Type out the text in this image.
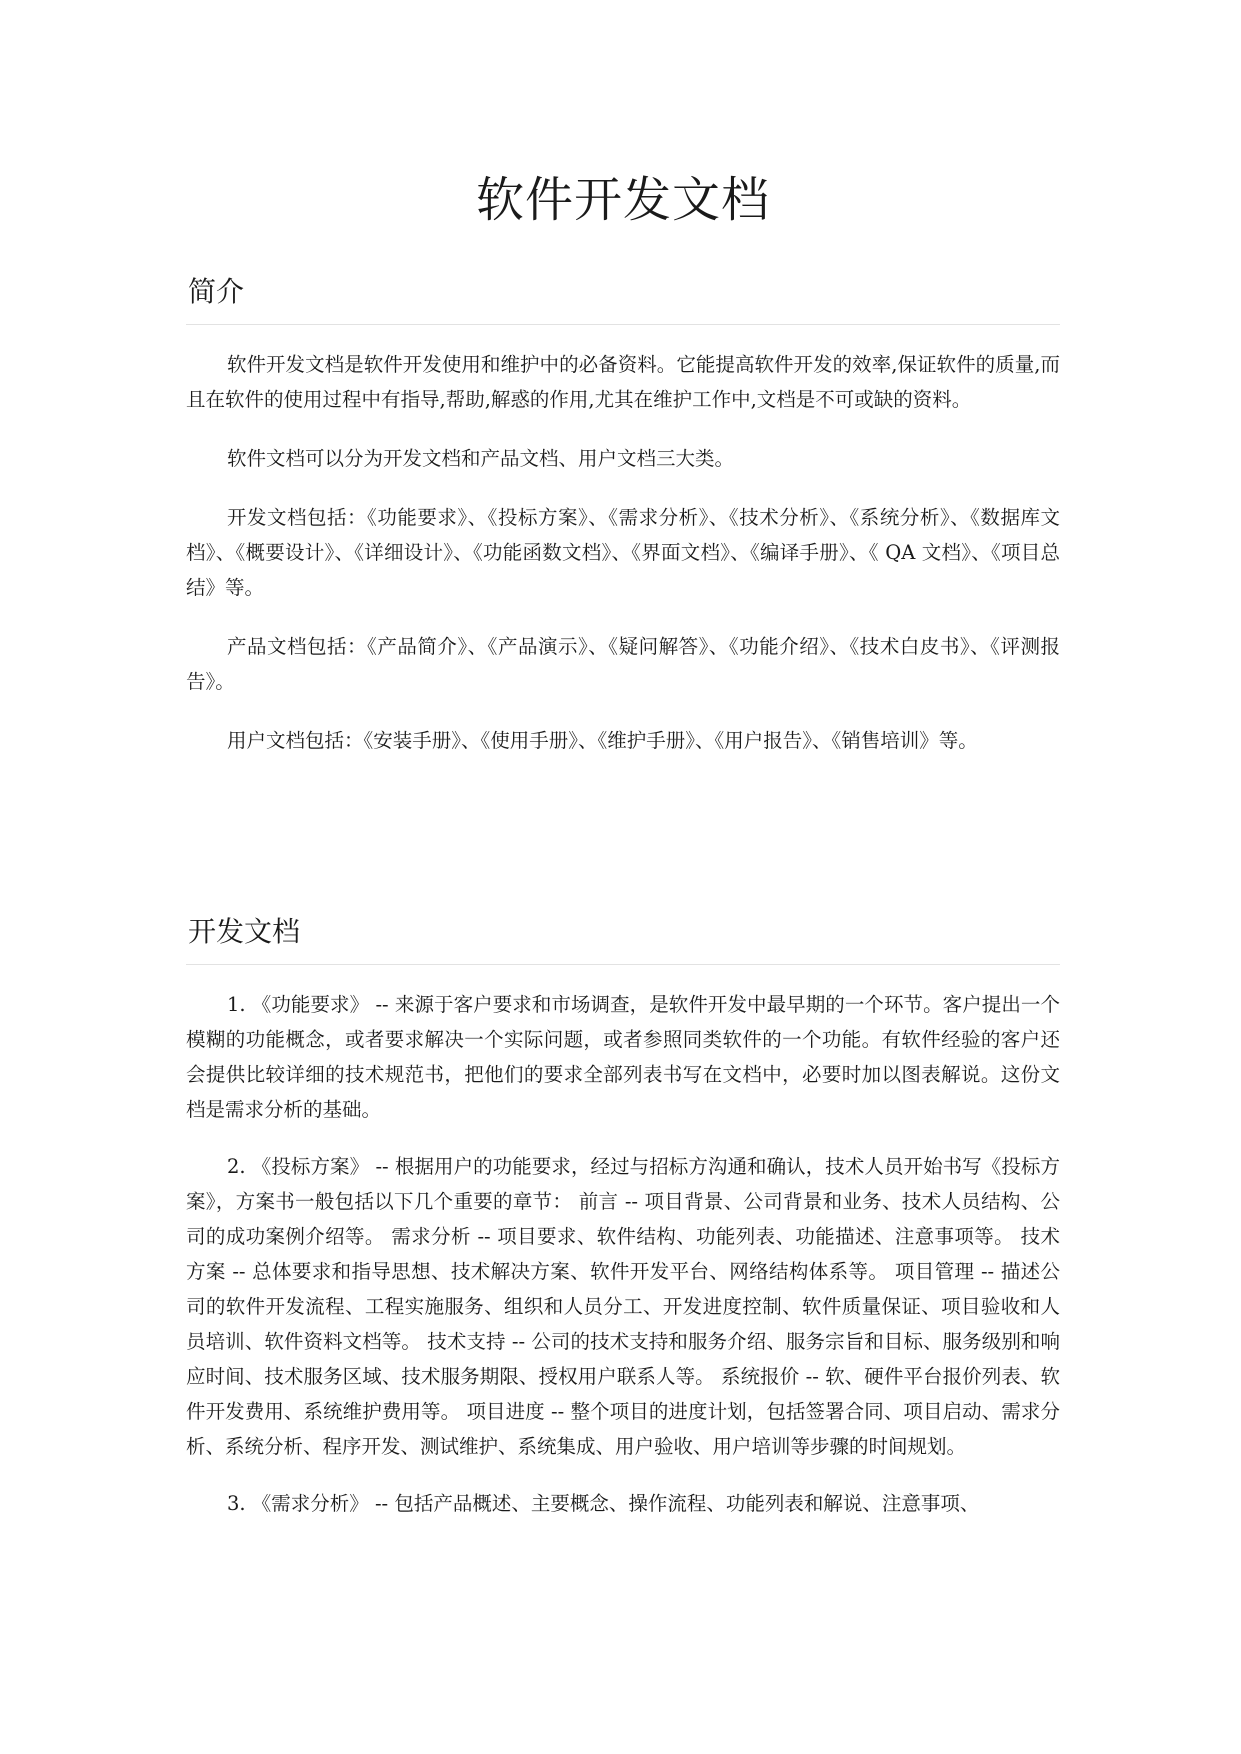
软件开发文档
简介

软件开发文档是软件开发使用和维护中的必备资料。它能提高软件开发的效率,保证软件的质量,而且在软件的使用过程中有指导,帮助,解惑的作用,尤其在维护工作中,文档是不可或缺的资料。

软件文档可以分为开发文档和产品文档、用户文档三大类。

开发文档包括：《功能要求》、《投标方案》、《需求分析》、《技术分析》、《系统分析》、《数据库文档》、《概要设计》、《详细设计》、《功能函数文档》、《界面文档》、《编译手册》、《 QA 文档》、《项目总结》等。

产品文档包括：《产品简介》、《产品演示》、《疑问解答》、《功能介绍》、《技术白皮书》、《评测报告》。

用户文档包括：《安装手册》、《使用手册》、《维护手册》、《用户报告》、《销售培训》等。

开发文档

1. 《功能要求》 -- 来源于客户要求和市场调查，是软件开发中最早期的一个环节。客户提出一个模糊的功能概念，或者要求解决一个实际问题，或者参照同类软件的一个功能。有软件经验的客户还会提供比较详细的技术规范书，把他们的要求全部列表书写在文档中，必要时加以图表解说。这份文档是需求分析的基础。

2. 《投标方案》 -- 根据用户的功能要求，经过与招标方沟通和确认，技术人员开始书写《投标方案》，方案书一般包括以下几个重要的章节： 前言 -- 项目背景、公司背景和业务、技术人员结构、公司的成功案例介绍等。 需求分析 -- 项目要求、软件结构、功能列表、功能描述、注意事项等。 技术方案 -- 总体要求和指导思想、技术解决方案、软件开发平台、网络结构体系等。 项目管理 -- 描述公司的软件开发流程、工程实施服务、组织和人员分工、开发进度控制、软件质量保证、项目验收和人员培训、软件资料文档等。 技术支持 -- 公司的技术支持和服务介绍、服务宗旨和目标、服务级别和响应时间、技术服务区域、技术服务期限、授权用户联系人等。 系统报价 -- 软、硬件平台报价列表、软件开发费用、系统维护费用等。 项目进度 -- 整个项目的进度计划，包括签署合同、项目启动、需求分析、系统分析、程序开发、测试维护、系统集成、用户验收、用户培训等步骤的时间规划。

3. 《需求分析》 -- 包括产品概述、主要概念、操作流程、功能列表和解说、注意事项、
